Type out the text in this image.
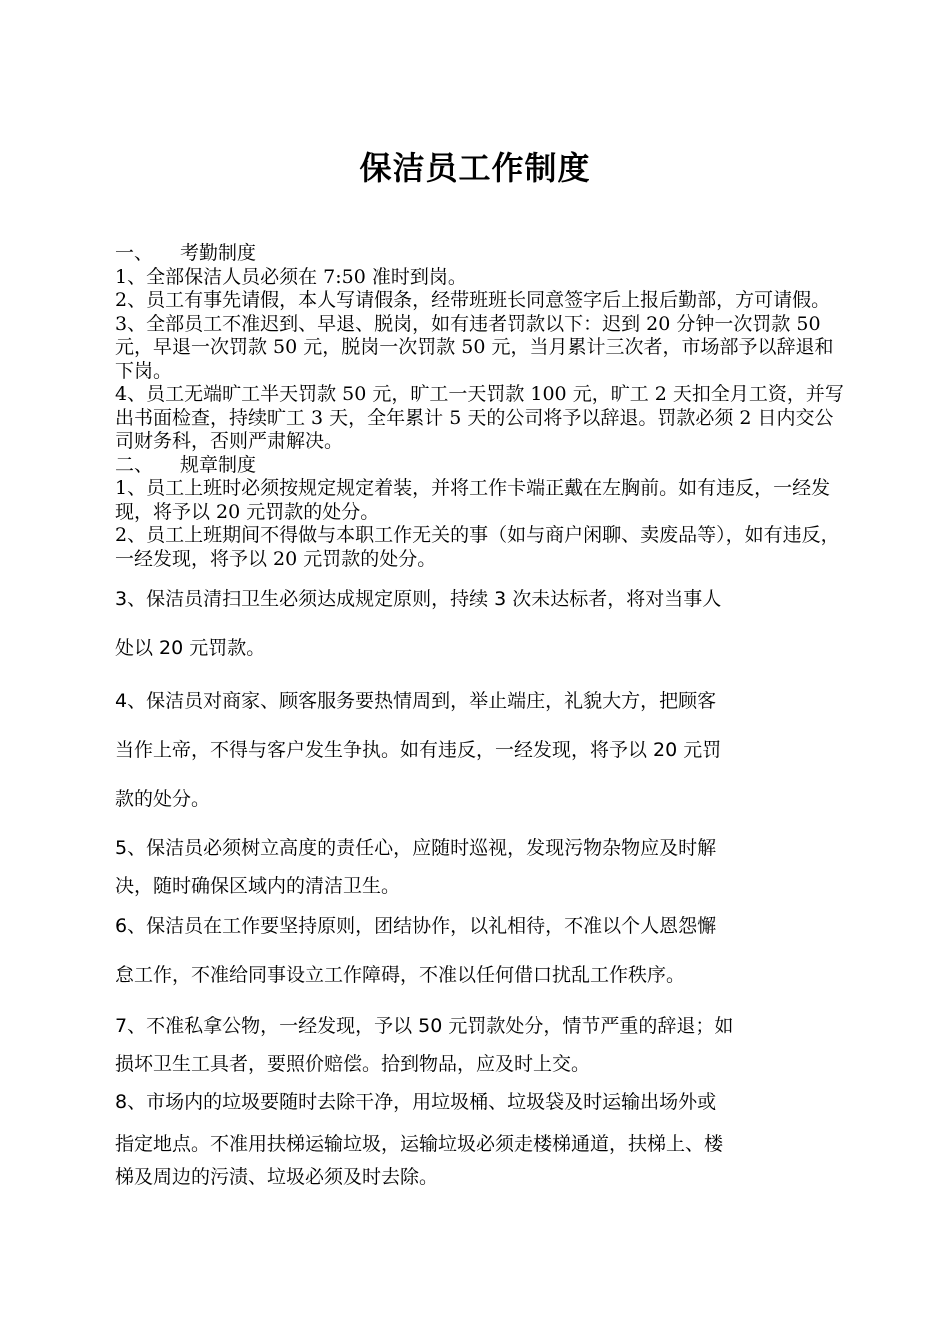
保洁员工作制度
一、 考勤制度

1、全部保洁人员必须在 7:50 准时到岗。

2、员工有事先请假，本人写请假条，经带班班长同意签字后上报后勤部，方可请假。

3、全部员工不准迟到、早退、脱岗，如有违者罚款以下：迟到 20 分钟一次罚款 50 元，早退一次罚款 50 元，脱岗一次罚款 50 元，当月累计三次者，市场部予以辞退和下岗。

4、员工无端旷工半天罚款 50 元，旷工一天罚款 100 元，旷工 2 天扣全月工资，并写出书面检查，持续旷工 3 天，全年累计 5 天的公司将予以辞退。罚款必须 2 日内交公司财务科，否则严肃解决。

二、 规章制度

1、员工上班时必须按规定规定着装，并将工作卡端正戴在左胸前。如有违反，一经发现，将予以 20 元罚款的处分。

2、员工上班期间不得做与本职工作无关的事（如与商户闲聊、卖废品等），如有违反，一经发现，将予以 20 元罚款的处分。

3、保洁员清扫卫生必须达成规定原则，持续 3 次未达标者，将对当事人
处以 20 元罚款。
4、保洁员对商家、顾客服务要热情周到，举止端庄，礼貌大方，把顾客
当作上帝，不得与客户发生争执。如有违反，一经发现，将予以 20 元罚
款的处分。
5、保洁员必须树立高度的责任心，应随时巡视，发现污物杂物应及时解
决，随时确保区域内的清洁卫生。
6、保洁员在工作要坚持原则，团结协作，以礼相待，不准以个人恩怨懈
怠工作，不准给同事设立工作障碍，不准以任何借口扰乱工作秩序。
7、不准私拿公物，一经发现，予以 50 元罚款处分，情节严重的辞退；如
损坏卫生工具者，要照价赔偿。拾到物品，应及时上交。
8、市场内的垃圾要随时去除干净，用垃圾桶、垃圾袋及时运输出场外或
指定地点。不准用扶梯运输垃圾，运输垃圾必须走楼梯通道，扶梯上、楼
梯及周边的污渍、垃圾必须及时去除。
